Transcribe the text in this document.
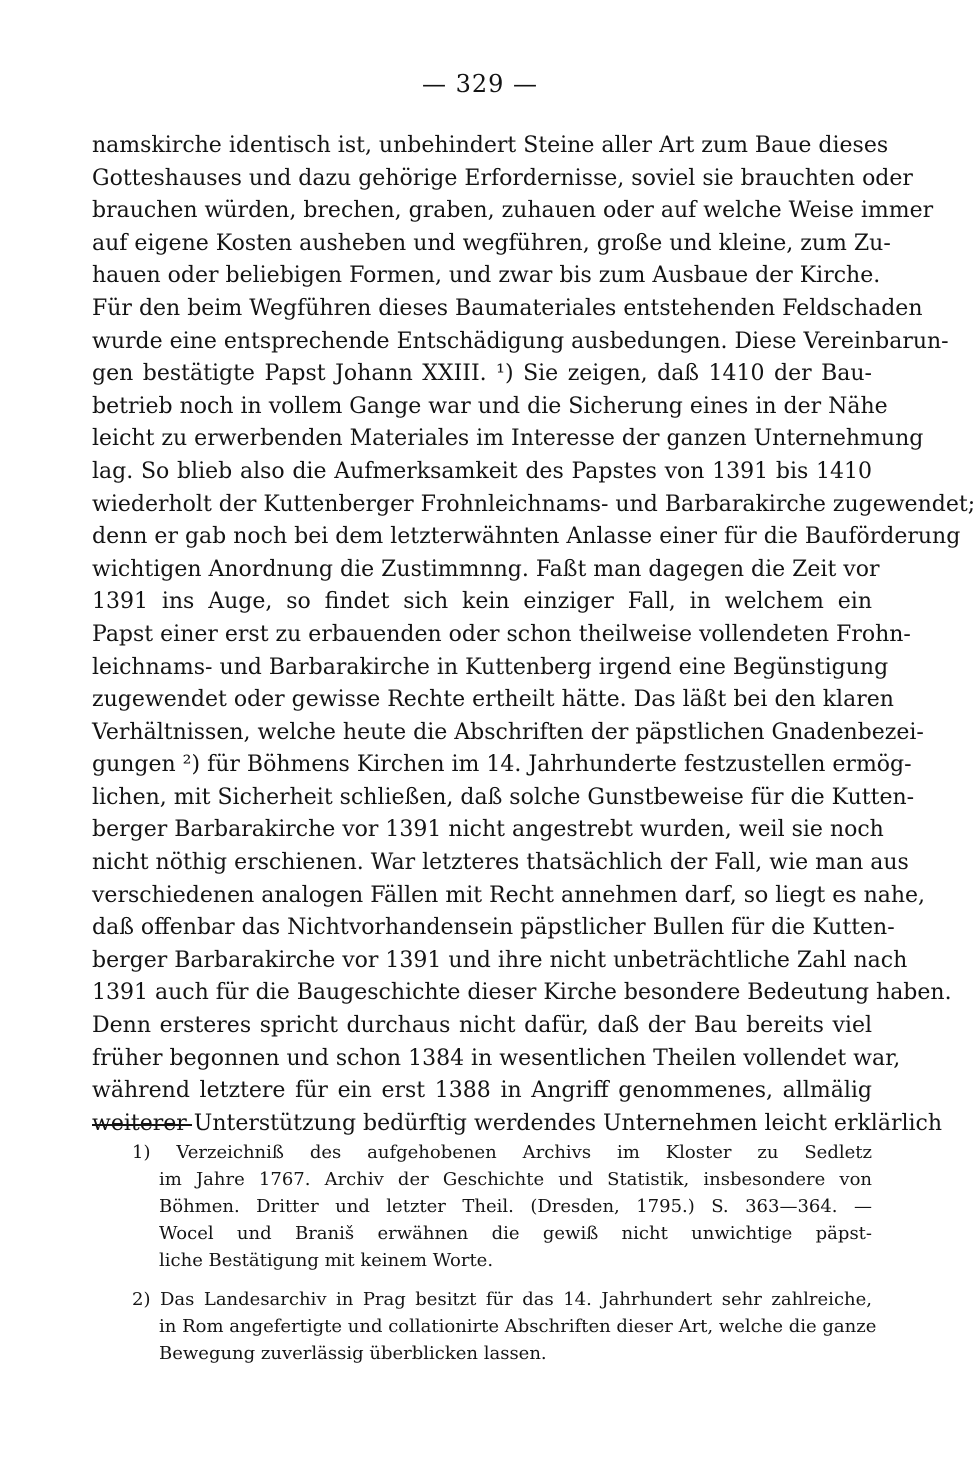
— 329 —
namskirche identisch ist, unbehindert Steine aller Art zum Baue dieses
Gotteshauses und dazu gehörige Erfordernisse, soviel sie brauchten oder
brauchen würden, brechen, graben, zuhauen oder auf welche Weise immer
auf eigene Kosten ausheben und wegführen, große und kleine, zum Zu-
hauen oder beliebigen Formen, und zwar bis zum Ausbaue der Kirche.
Für den beim Wegführen dieses Baumateriales entstehenden Feldschaden
wurde eine entsprechende Entschädigung ausbedungen. Diese Vereinbarun-
gen bestätigte Papst Johann XXIII. ¹) Sie zeigen, daß 1410 der Bau-
betrieb noch in vollem Gange war und die Sicherung eines in der Nähe
leicht zu erwerbenden Materiales im Interesse der ganzen Unternehmung
lag. So blieb also die Aufmerksamkeit des Papstes von 1391 bis 1410
wiederholt der Kuttenberger Frohnleichnams- und Barbarakirche zugewendet;
denn er gab noch bei dem letzterwähnten Anlasse einer für die Bauförderung
wichtigen Anordnung die Zustimmnng. Faßt man dagegen die Zeit vor
1391 ins Auge, so findet sich kein einziger Fall, in welchem ein
Papst einer erst zu erbauenden oder schon theilweise vollendeten Frohn-
leichnams- und Barbarakirche in Kuttenberg irgend eine Begünstigung
zugewendet oder gewisse Rechte ertheilt hätte. Das läßt bei den klaren
Verhältnissen, welche heute die Abschriften der päpstlichen Gnadenbezei-
gungen ²) für Böhmens Kirchen im 14. Jahrhunderte festzustellen ermög-
lichen, mit Sicherheit schließen, daß solche Gunstbeweise für die Kutten-
berger Barbarakirche vor 1391 nicht angestrebt wurden, weil sie noch
nicht nöthig erschienen. War letzteres thatsächlich der Fall, wie man aus
verschiedenen analogen Fällen mit Recht annehmen darf, so liegt es nahe,
daß offenbar das Nichtvorhandensein päpstlicher Bullen für die Kutten-
berger Barbarakirche vor 1391 und ihre nicht unbeträchtliche Zahl nach
1391 auch für die Baugeschichte dieser Kirche besondere Bedeutung haben.
Denn ersteres spricht durchaus nicht dafür, daß der Bau bereits viel
früher begonnen und schon 1384 in wesentlichen Theilen vollendet war,
während letztere für ein erst 1388 in Angriff genommenes, allmälig
weiterer Unterstützung bedürftig werdendes Unternehmen leicht erklärlich
1) Verzeichniß des aufgehobenen Archivs im Kloster zu Sedletz
im Jahre 1767. Archiv der Geschichte und Statistik, insbesondere von
Böhmen. Dritter und letzter Theil. (Dresden, 1795.) S. 363—364. —
Wocel und Braniš erwähnen die gewiß nicht unwichtige päpst-
liche Bestätigung mit keinem Worte.
2) Das Landesarchiv in Prag besitzt für das 14. Jahrhundert sehr zahlreiche,
in Rom angefertigte und collationirte Abschriften dieser Art, welche die ganze
Bewegung zuverlässig überblicken lassen.
